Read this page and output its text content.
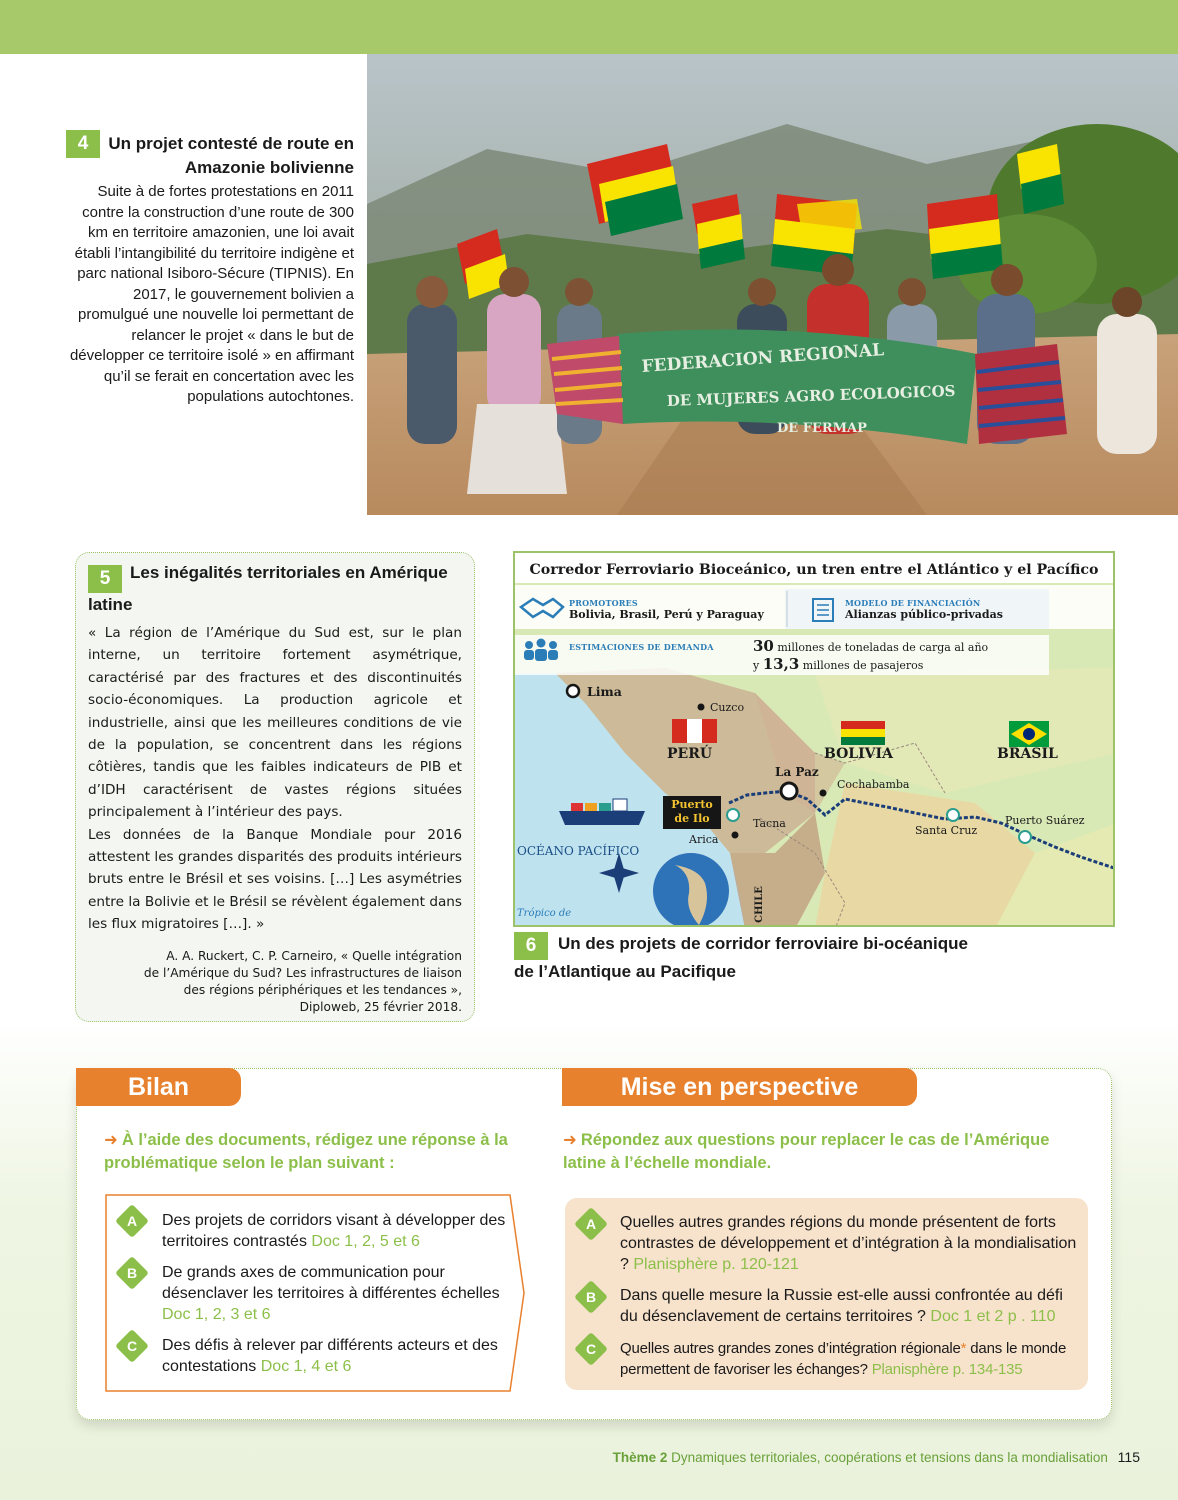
4	Un projet contesté de route en Amazonie bolivienne
Suite à de fortes protestations en 2011 contre la construction d’une route de 300 km en territoire amazonien, une loi avait établi l’intangibilité du territoire indigène et parc national Isiboro-Sécure (TIPNIS). En 2017, le gouvernement bolivien a promulgué une nouvelle loi permettant de relancer le projet « dans le but de développer ce territoire isolé » en affirmant qu’il se ferait en concertation avec les populations autochtones.
FEDERACION REGIONAL
DE MUJERES AGRO ECOLOGICOS
DE FERMAP
5 Les inégalités territoriales en Amérique latine

« La région de l’Amérique du Sud est, sur le plan interne, un territoire fortement asymétrique, caractérisé par des fractures et des discontinuités socio-économiques. La production agricole et industrielle, ainsi que les meilleures conditions de vie de la population, se concentrent dans les régions côtières, tandis que les faibles indicateurs de PIB et d’IDH caractérisent de vastes régions situées principalement à l’intérieur des pays.

Les données de la Banque Mondiale pour 2016 attestent les grandes disparités des produits intérieurs bruts entre le Brésil et ses voisins. […] Les asymétries entre la Bolivie et le Brésil se révèlent également dans les flux migratoires […]. »

A. A. Ruckert, C. P. Carneiro, « Quelle intégration
de l’Amérique du Sud? Les infrastructures de liaison
des régions périphériques et les tendances »,
Diploweb, 25 février 2018.
Corredor Ferroviario Bioceánico, un tren entre el Atlántico y el Pacífico
PROMOTORES
Bolivia, Brasil, Perú y Paraguay
MODELO DE FINANCIACIÓN
Alianzas público-privadas
ESTIMACIONES DE DEMANDA	30 millones de toneladas de carga al año
y 13,3 millones de pasajeros
Lima
Cuzco
PERÚ	BOLIVIA	BRASIL
La Paz
Cochabamba
Tacna
Arica
Santa Cruz
Puerto Suárez
Puerto
de Ilo
OCÉANO PACÍFICO
Trópico de	CHILE
6 Un des projets de corridor ferroviaire bi-océanique
de l’Atlantique au Pacifique
Bilan	Mise en perspective
➜ À l’aide des documents, rédigez une réponse à la problématique selon le plan suivant :
A	Des projets de corridors visant à développer des territoires contrastés Doc 1, 2, 5 et 6
B	De grands axes de communication pour désenclaver les territoires à différentes échelles Doc 1, 2, 3 et 6
C	Des défis à relever par différents acteurs et des contestations Doc 1, 4 et 6
➜ Répondez aux questions pour replacer le cas de l’Amérique latine à l’échelle mondiale.
A	Quelles autres grandes régions du monde présentent de forts contrastes de développement et d’intégration à la mondialisation ? Planisphère p. 120-121
B	Dans quelle mesure la Russie est-elle aussi confrontée au défi du désenclavement de certains territoires ? Doc 1 et 2 p . 110
C	Quelles autres grandes zones d’intégration régionale* dans le monde permettent de favoriser les échanges? Planisphère p. 134-135
Thème 2 Dynamiques territoriales, coopérations et tensions dans la mondialisation 115
